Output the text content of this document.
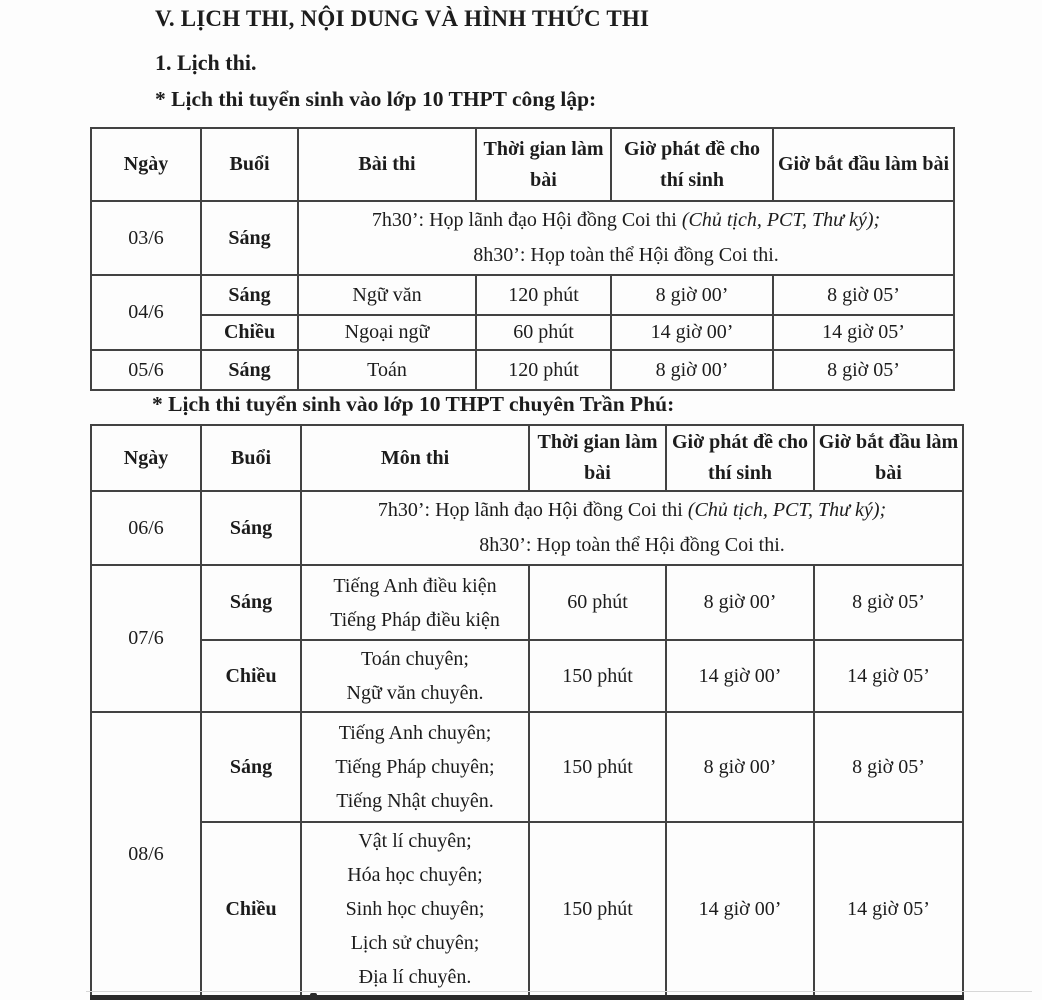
V. LỊCH THI, NỘI DUNG VÀ HÌNH THỨC THI
1. Lịch thi.
* Lịch thi tuyển sinh vào lớp 10 THPT công lập:
Ngày	Buổi	Bài thi	Thời gian làm bài	Giờ phát đề cho thí sinh	Giờ bắt đầu làm bài
03/6	Sáng	7h30’: Họp lãnh đạo Hội đồng Coi thi (Chủ tịch, PCT, Thư ký);
8h30’: Họp toàn thể Hội đồng Coi thi.			

04/6	Sáng	Ngữ văn	120 phút	8 giờ 00’	8 giờ 05’
	Chiều	Ngoại ngữ	60 phút	14 giờ 00’	14 giờ 05’
05/6	Sáng	Toán	120 phút	8 giờ 00’	8 giờ 05’
* Lịch thi tuyển sinh vào lớp 10 THPT chuyên Trần Phú:
Ngày	Buổi	Môn thi	Thời gian làm bài	Giờ phát đề cho thí sinh	Giờ bắt đầu làm bài
06/6	Sáng	7h30’: Họp lãnh đạo Hội đồng Coi thi (Chủ tịch, PCT, Thư ký);
8h30’: Họp toàn thể Hội đồng Coi thi.			

07/6	Sáng	Tiếng Anh điều kiện
Tiếng Pháp điều kiện	60 phút	8 giờ 00’	8 giờ 05’
	Chiều	Toán chuyên;
Ngữ văn chuyên.	150 phút	14 giờ 00’	14 giờ 05’
08/6	Sáng	Tiếng Anh chuyên;
Tiếng Pháp chuyên;
Tiếng Nhật chuyên.	150 phút	8 giờ 00’	8 giờ 05’
	Chiều	Vật lí chuyên;
Hóa học chuyên;
Sinh học chuyên;
Lịch sử chuyên;
Địa lí chuyên.	150 phút	14 giờ 00’	14 giờ 05’
